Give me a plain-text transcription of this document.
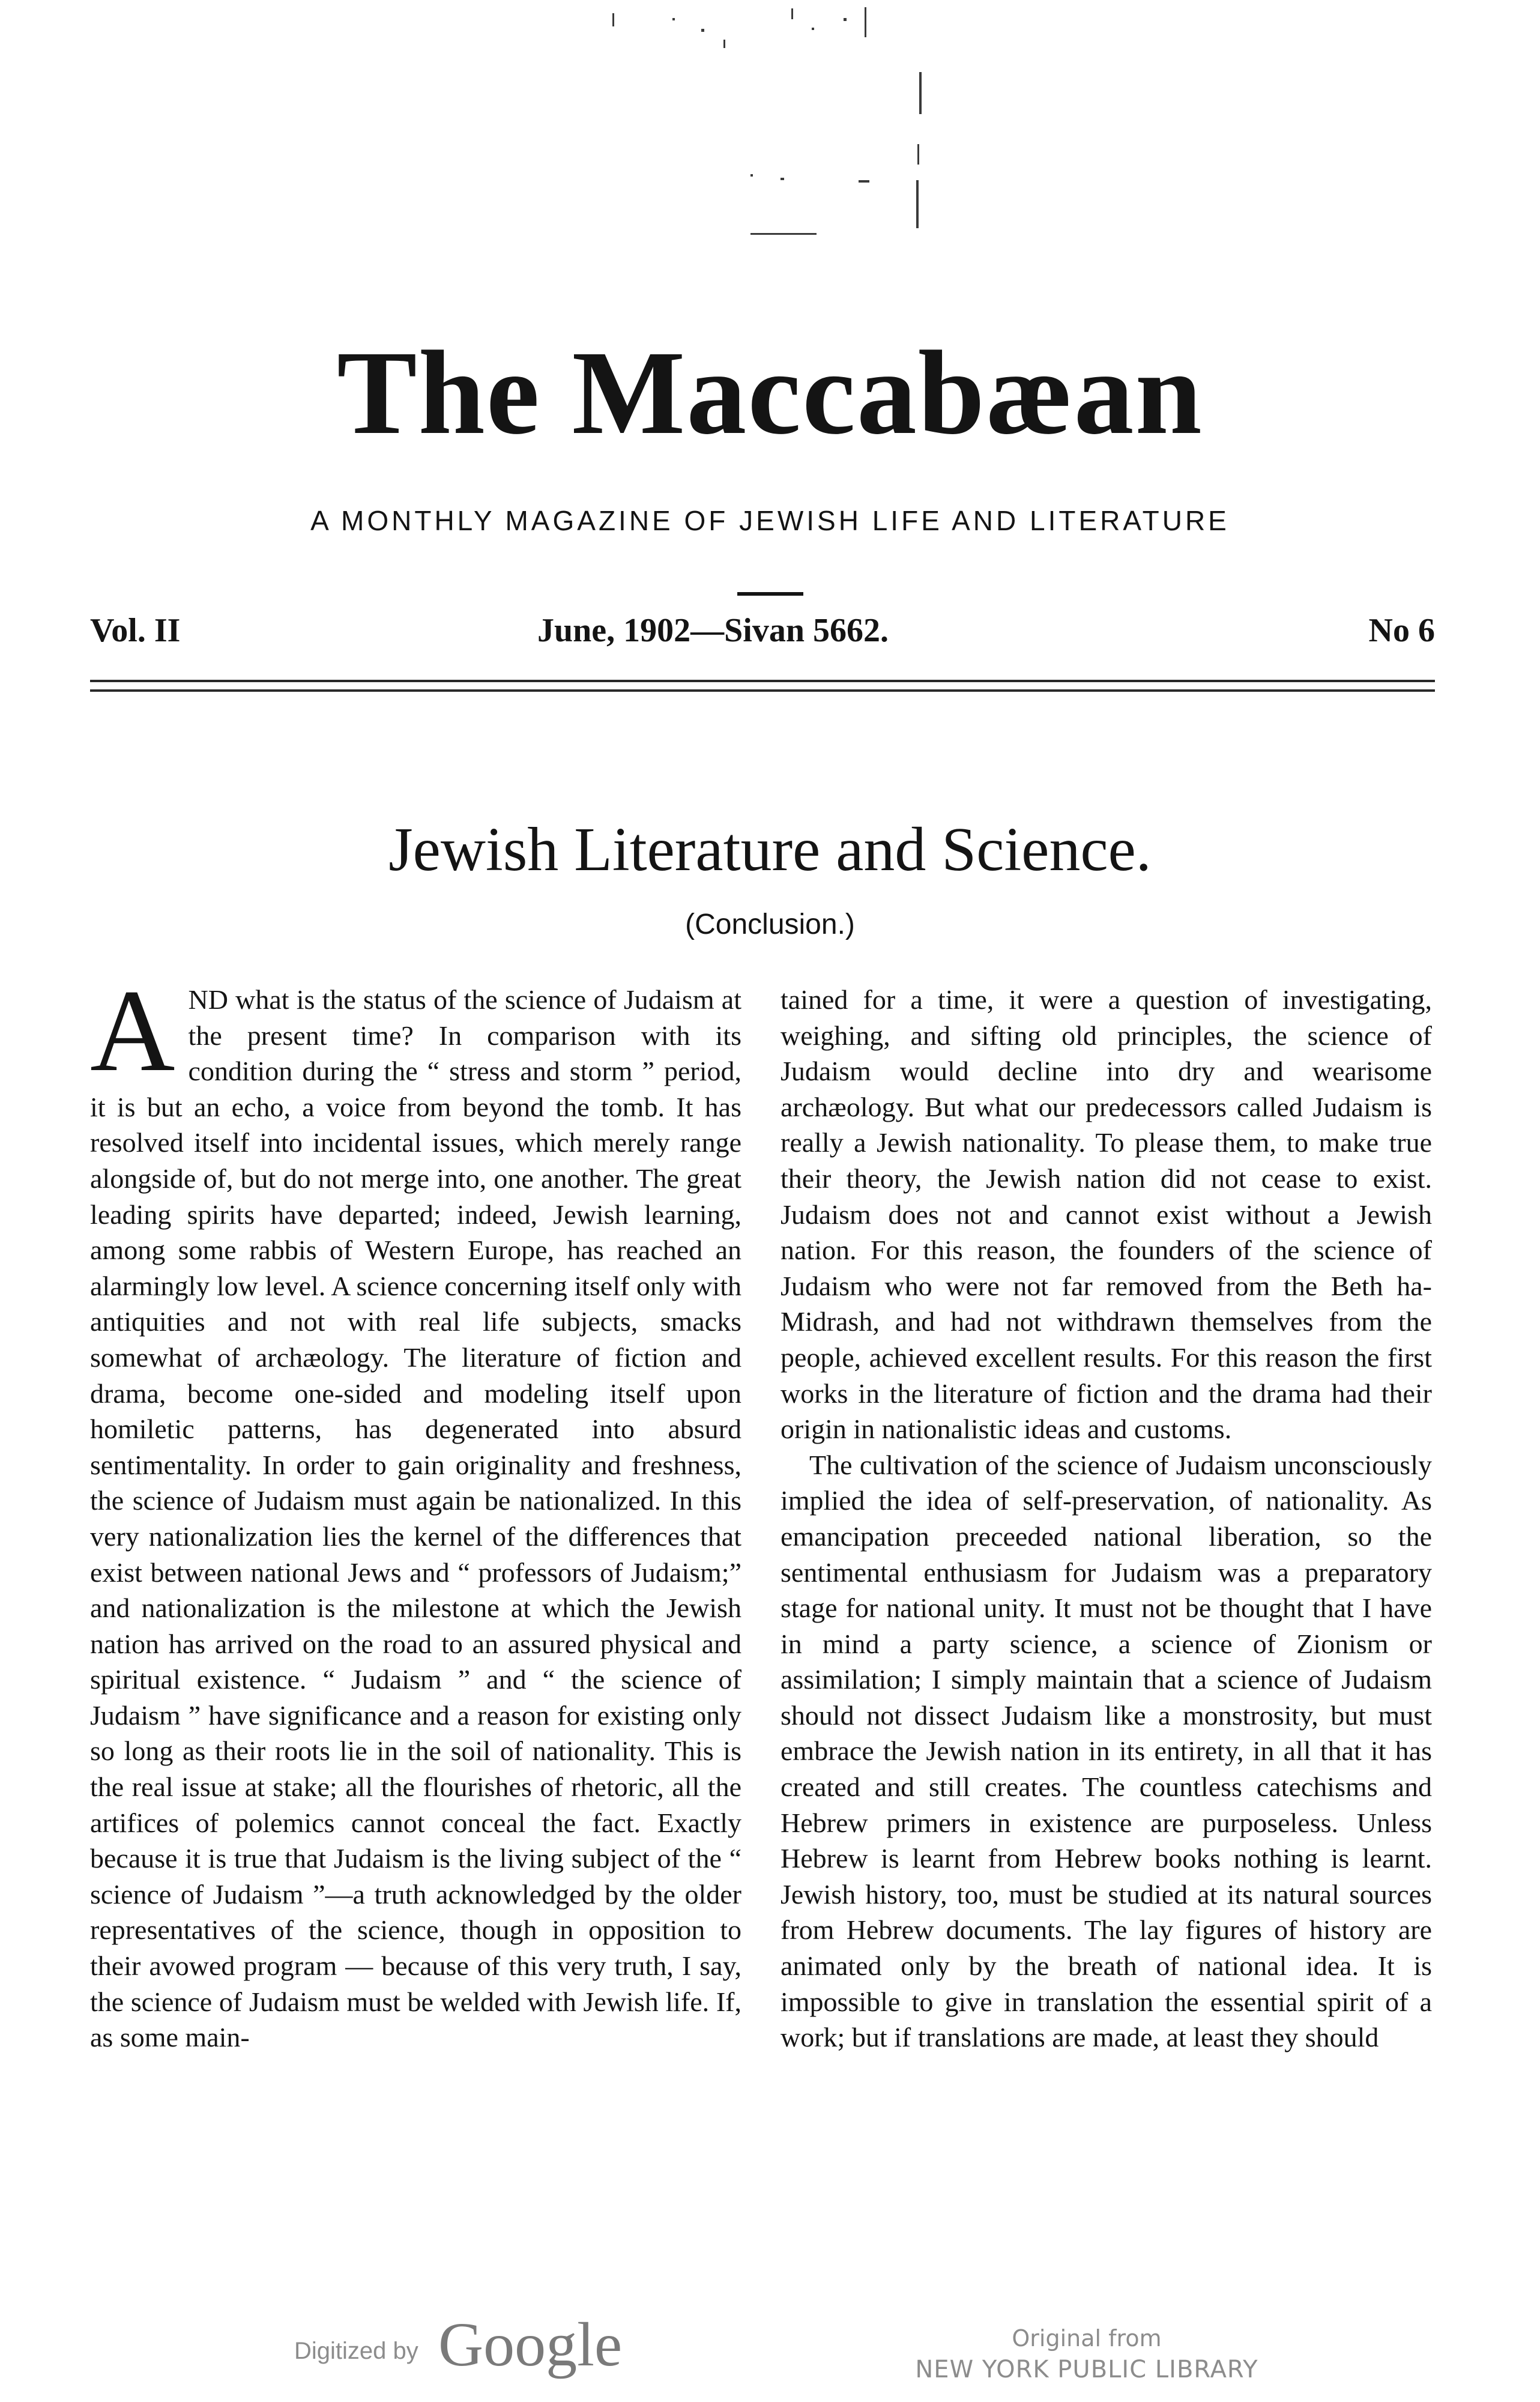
The Maccabæan
A MONTHLY MAGAZINE OF JEWISH LIFE AND LITERATURE
Vol. II	June, 1902—Sivan 5662.	No 6
Jewish Literature and Science.
(Conclusion.)

AND what is the status of the science of Judaism at the present time? In comparison with its condition during the “ stress and storm ” period, it is but an echo, a voice from beyond the tomb. It has resolved itself into incidental issues, which merely range alongside of, but do not merge into, one another. The great leading spirits have departed; indeed, Jewish learning, among some rabbis of Western Europe, has reached an alarmingly low level. A science concerning itself only with antiquities and not with real life subjects, smacks somewhat of archæology. The literature of fiction and drama, become one-sided and modeling itself upon homiletic patterns, has degenerated into absurd sentimentality. In order to gain originality and freshness, the science of Judaism must again be nationalized. In this very nationalization lies the kernel of the differences that exist between national Jews and “ professors of Judaism;” and nationalization is the milestone at which the Jewish nation has arrived on the road to an assured physical and spiritual existence. “ Judaism ” and “ the science of Judaism ” have significance and a reason for existing only so long as their roots lie in the soil of nationality. This is the real issue at stake; all the flourishes of rhetoric, all the artifices of polemics cannot conceal the fact. Exactly because it is true that Judaism is the living subject of the “ science of Judaism ”—a truth acknowledged by the older representatives of the science, though in opposition to their avowed program — because of this very truth, I say, the science of Judaism must be welded with Jewish life. If, as some main-

tained for a time, it were a question of investigating, weighing, and sifting old principles, the science of Judaism would decline into dry and wearisome archæology. But what our predecessors called Judaism is really a Jewish nationality. To please them, to make true their theory, the Jewish nation did not cease to exist. Judaism does not and cannot exist without a Jewish nation. For this reason, the founders of the science of Judaism who were not far removed from the Beth ha-Midrash, and had not withdrawn themselves from the people, achieved excellent results. For this reason the first works in the literature of fiction and the drama had their origin in nationalistic ideas and customs.

The cultivation of the science of Judaism unconsciously implied the idea of self-preservation, of nationality. As emancipation preceeded national liberation, so the sentimental enthusiasm for Judaism was a preparatory stage for national unity. It must not be thought that I have in mind a party science, a science of Zionism or assimilation; I simply maintain that a science of Judaism should not dissect Judaism like a monstrosity, but must embrace the Jewish nation in its entirety, in all that it has created and still creates. The countless catechisms and Hebrew primers in existence are purposeless. Unless Hebrew is learnt from Hebrew books nothing is learnt. Jewish history, too, must be studied at its natural sources from Hebrew documents. The lay figures of history are animated only by the breath of national idea. It is impossible to give in translation the essential spirit of a work; but if translations are made, at least they should

Digitized by Google	Original from
NEW YORK PUBLIC LIBRARY
